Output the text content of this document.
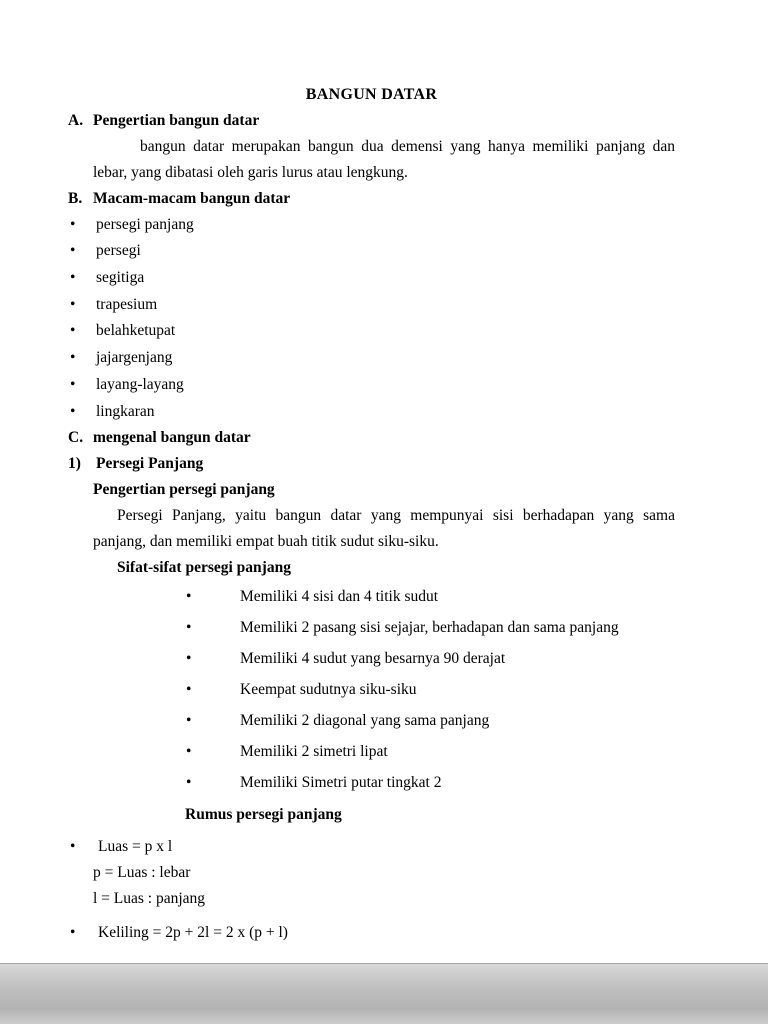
BANGUN DATAR
A. Pengertian bangun datar

bangun datar merupakan bangun dua demensi yang hanya memiliki panjang dan lebar, yang dibatasi oleh garis lurus atau lengkung.

B. Macam-macam bangun datar
• persegi panjang
• persegi
• segitiga
• trapesium
• belahketupat
• jajargenjang
• layang-layang
• lingkaran
C. mengenal bangun datar
1) Persegi Panjang
Pengertian persegi panjang

Persegi Panjang, yaitu bangun datar yang mempunyai sisi berhadapan yang sama panjang, dan memiliki empat buah titik sudut siku-siku.

Sifat-sifat persegi panjang
•	Memiliki 4 sisi dan 4 titik sudut
•	Memiliki 2 pasang sisi sejajar, berhadapan dan sama panjang
•	Memiliki 4 sudut yang besarnya 90 derajat
•	Keempat sudutnya siku-siku
•	Memiliki 2 diagonal yang sama panjang
•	Memiliki 2 simetri lipat
•	Memiliki Simetri putar tingkat 2
Rumus persegi panjang
• Luas = p x l
p = Luas : lebar
l = Luas : panjang
• Keliling = 2p + 2l = 2 x (p + l)
